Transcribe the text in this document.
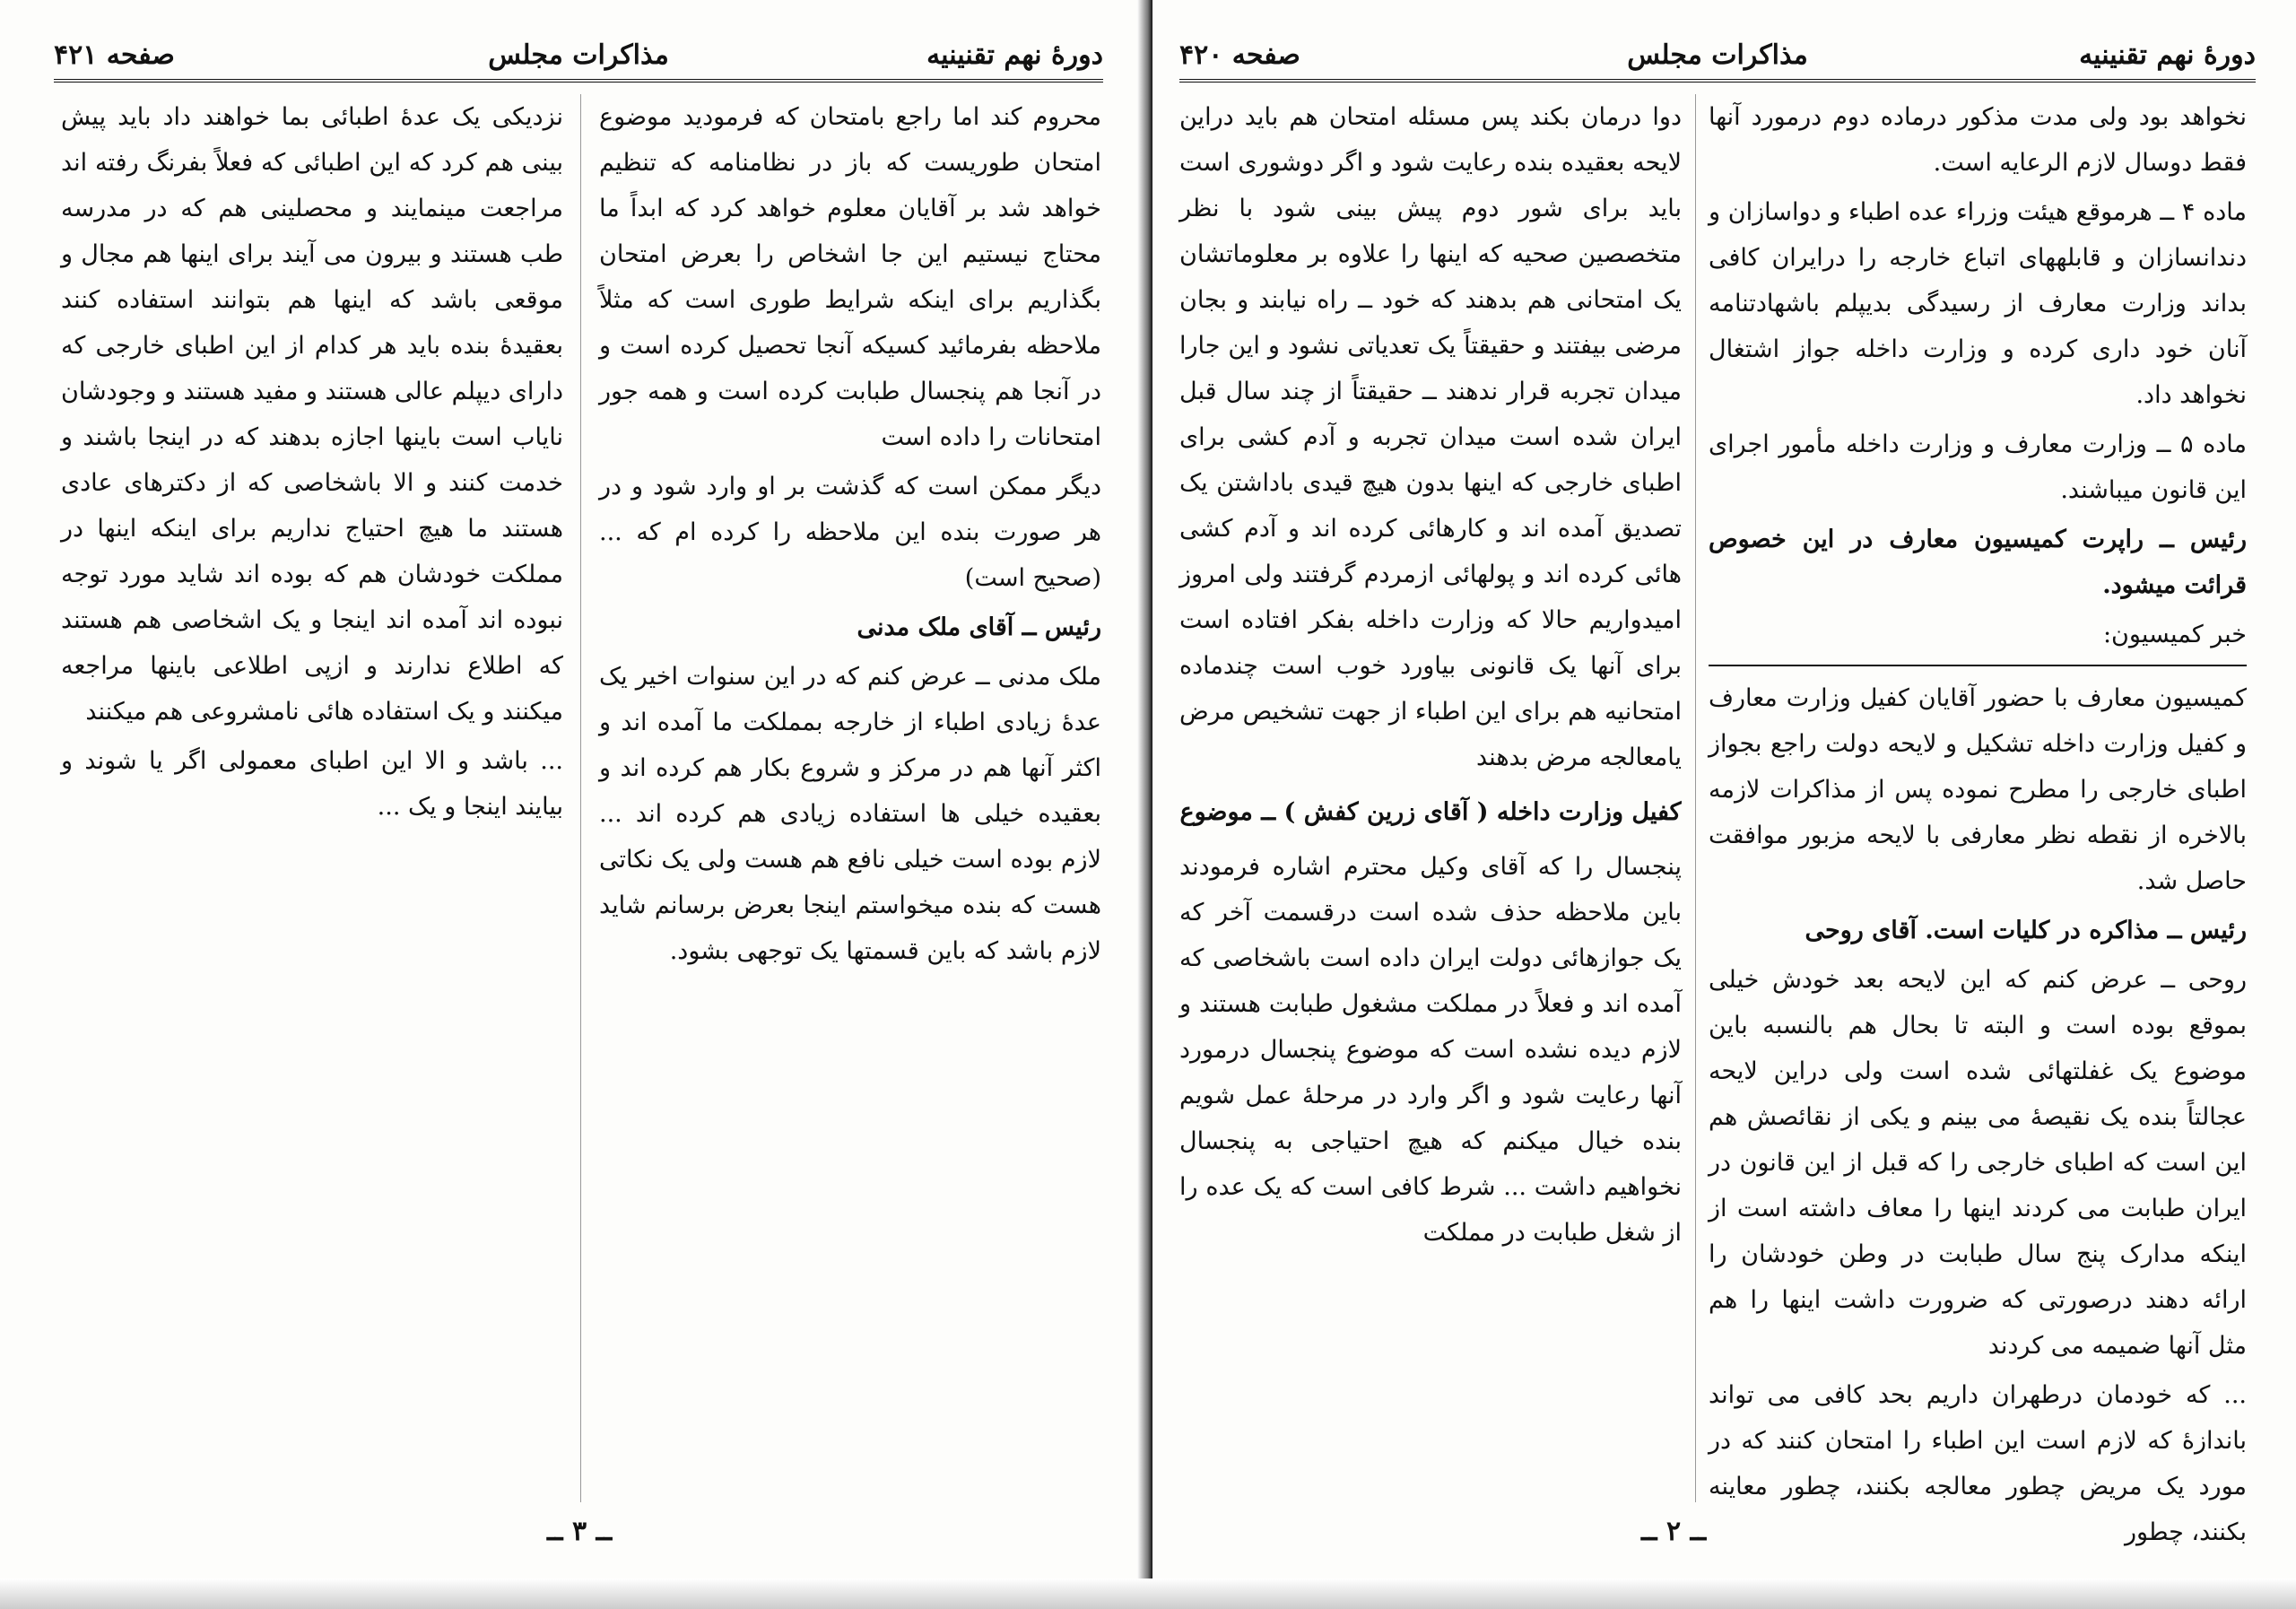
دورهٔ نهم تقنینیه
مذاکرات مجلس
صفحه ۴۲۱

محروم کند اما راجع بامتحان که فرمودید موضوع امتحان طوریست که باز در نظامنامه که تنظیم خواهد شد بر آقایان معلوم خواهد کرد که ابداً ما محتاج نیستیم این جا اشخاص را بعرض امتحان بگذاریم برای اینکه شرایط طوری است که مثلاً ملاحظه بفرمائید کسیکه آنجا تحصیل کرده است و در آنجا هم پنجسال طبابت کرده است و همه جور امتحانات را داده است

دیگر ممکن است که گذشت بر او وارد شود و در هر صورت بنده این ملاحظه را کرده ام که ... (صحیح است)

رئیس ــ آقای ملک مدنی

ملک مدنی ــ عرض کنم که در این سنوات اخیر یک عدهٔ زیادی اطباء از خارجه بمملکت ما آمده اند و اکثر آنها هم در مرکز و شروع بکار هم کرده اند و بعقیده خیلی ها استفاده زیادی هم کرده اند ... لازم بوده است خیلی نافع هم هست ولی یک نکاتی هست که بنده میخواستم اینجا بعرض برسانم شاید لازم باشد که باین قسمتها یک توجهی بشود.

نزدیکی یک عدهٔ اطبائی بما خواهند داد باید پیش بینی هم کرد که این اطبائی که فعلاً بفرنگ رفته اند مراجعت مینمایند و محصلینی هم که در مدرسه طب هستند و بیرون می آیند برای اینها هم مجال و موقعی باشد که اینها هم بتوانند استفاده کنند بعقیدهٔ بنده باید هر کدام از این اطبای خارجی که دارای دیپلم عالی هستند و مفید هستند و وجودشان نایاب است باینها اجازه بدهند که در اینجا باشند و خدمت کنند و الا باشخاصی که از دکترهای عادی هستند ما هیچ احتیاج نداریم برای اینکه اینها در مملکت خودشان هم که بوده اند شاید مورد توجه نبوده اند آمده اند اینجا و یک اشخاصی هم هستند که اطلاع ندارند و ازپی اطلاعی باینها مراجعه میکنند و یک استفاده هائی نامشروعی هم میکنند

... باشد و الا این اطبای معمولی اگر یا شوند و بیایند اینجا و یک ...

ــ ۳ ــ
دورهٔ نهم تقنینیه
مذاکرات مجلس
صفحه ۴۲۰

نخواهد بود ولی مدت مذکور درماده دوم درمورد آنها فقط دوسال لازم الرعایه است.

ماده ۴ ــ هرموقع هیئت وزراء عده اطباء و دواسازان و دندانسازان و قابلههای اتباع خارجه را درایران کافی بداند وزارت معارف از رسیدگی بدیپلم باشهادتنامه آنان خود داری کرده و وزارت داخله جواز اشتغال نخواهد داد.

ماده ۵ ــ وزارت معارف و وزارت داخله مأمور اجرای این قانون میباشند.

رئیس ــ راپرت کمیسیون معارف در این خصوص قرائت میشود.

خبر کمیسیون:

کمیسیون معارف با حضور آقایان کفیل وزارت معارف و کفیل وزارت داخله تشکیل و لایحه دولت راجع بجواز اطبای خارجی را مطرح نموده پس از مذاکرات لازمه بالاخره از نقطه نظر معارفی با لایحه مزبور موافقت حاصل شد.

رئیس ــ مذاکره در کلیات است. آقای روحی

روحی ــ عرض کنم که این لایحه بعد خودش خیلی بموقع بوده است و البته تا بحال هم بالنسبه باین موضوع یک غفلتهائی شده است ولی دراین لایحه عجالتاً بنده یک نقیصهٔ می بینم و یکی از نقائصش هم این است که اطبای خارجی را که قبل از این قانون در ایران طبابت می کردند اینها را معاف داشته است از اینکه مدارک پنج سال طبابت در وطن خودشان را ارائه دهند درصورتی که ضرورت داشت اینها را هم مثل آنها ضمیمه می کردند

... که خودمان درطهران داریم بحد کافی می تواند باندازهٔ که لازم است این اطباء را امتحان کنند که در مورد یک مریض چطور معالجه بکنند، چطور معاینه بکنند، چطور

دوا درمان بکند پس مسئله امتحان هم باید دراین لایحه بعقیده بنده رعایت شود و اگر دوشوری است باید برای شور دوم پیش بینی شود با نظر متخصصین صحیه که اینها را علاوه بر معلوماتشان یک امتحانی هم بدهند که خود ــ راه نیابند و بجان مرضی بیفتند و حقیقتاً یک تعدیاتی نشود و این جارا میدان تجربه قرار ندهند ــ حقیقتاً از چند سال قبل ایران شده است میدان تجربه و آدم کشی برای اطبای خارجی که اینها بدون هیچ قیدی باداشتن یک تصدیق آمده اند و کارهائی کرده اند و آدم کشی هائی کرده اند و پولهائی ازمردم گرفتند ولی امروز امیدواریم حالا که وزارت داخله بفکر افتاده است برای آنها یک قانونی بیاورد خوب است چندماده امتحانیه هم برای این اطباء از جهت تشخیص مرض یامعالجه مرض بدهند

کفیل وزارت داخله ( آقای زرین کفش ) ــ موضوع

پنجسال را که آقای وکیل محترم اشاره فرمودند باین ملاحظه حذف شده است درقسمت آخر که یک جوازهائی دولت ایران داده است باشخاصی که آمده اند و فعلاً در مملکت مشغول طبابت هستند و لازم دیده نشده است که موضوع پنجسال درمورد آنها رعایت شود و اگر وارد در مرحلهٔ عمل شویم بنده خیال میکنم که هیچ احتیاجی به پنجسال نخواهیم داشت ... شرط کافی است که یک عده را از شغل طبابت در مملکت

ــ ۲ ــ
